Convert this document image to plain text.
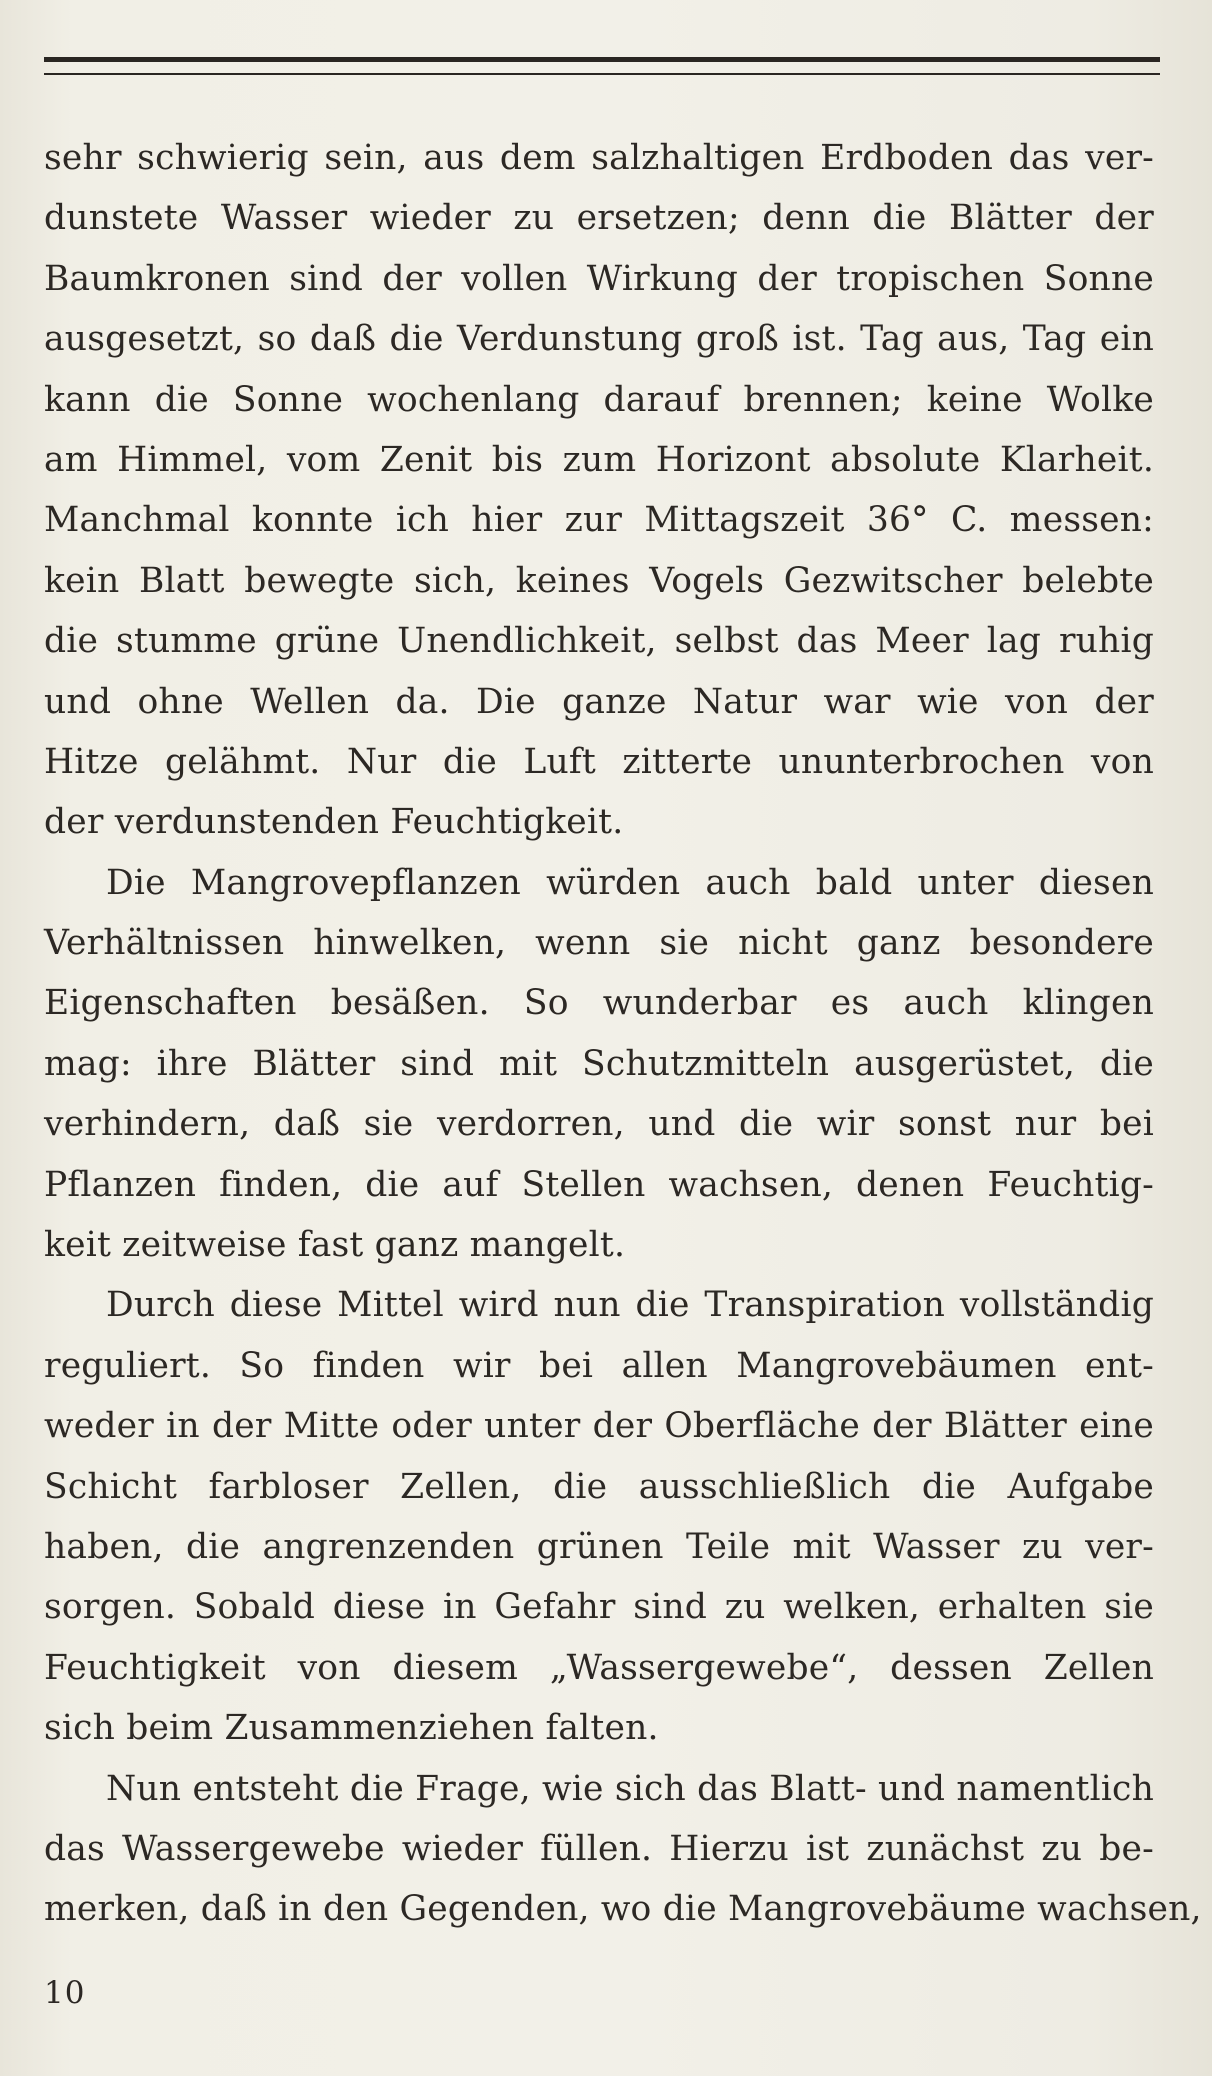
sehr schwierig sein, aus dem salzhaltigen Erdboden das ver-
dunstete Wasser wieder zu ersetzen; denn die Blätter der
Baumkronen sind der vollen Wirkung der tropischen Sonne
ausgesetzt, so daß die Verdunstung groß ist. Tag aus, Tag ein
kann die Sonne wochenlang darauf brennen; keine Wolke
am Himmel, vom Zenit bis zum Horizont absolute Klarheit.
Manchmal konnte ich hier zur Mittagszeit 36° C. messen:
kein Blatt bewegte sich, keines Vogels Gezwitscher belebte
die stumme grüne Unendlichkeit, selbst das Meer lag ruhig
und ohne Wellen da. Die ganze Natur war wie von der
Hitze gelähmt. Nur die Luft zitterte ununterbrochen von
der verdunstenden Feuchtigkeit.
Die Mangrovepflanzen würden auch bald unter diesen
Verhältnissen hinwelken, wenn sie nicht ganz besondere
Eigenschaften besäßen. So wunderbar es auch klingen
mag: ihre Blätter sind mit Schutzmitteln ausgerüstet, die
verhindern, daß sie verdorren, und die wir sonst nur bei
Pflanzen finden, die auf Stellen wachsen, denen Feuchtig-
keit zeitweise fast ganz mangelt.
Durch diese Mittel wird nun die Transpiration vollständig
reguliert. So finden wir bei allen Mangrovebäumen ent-
weder in der Mitte oder unter der Oberfläche der Blätter eine
Schicht farbloser Zellen, die ausschließlich die Aufgabe
haben, die angrenzenden grünen Teile mit Wasser zu ver-
sorgen. Sobald diese in Gefahr sind zu welken, erhalten sie
Feuchtigkeit von diesem „Wassergewebe“, dessen Zellen
sich beim Zusammenziehen falten.
Nun entsteht die Frage, wie sich das Blatt- und namentlich
das Wassergewebe wieder füllen. Hierzu ist zunächst zu be-
merken, daß in den Gegenden, wo die Mangrovebäume wachsen,
10
